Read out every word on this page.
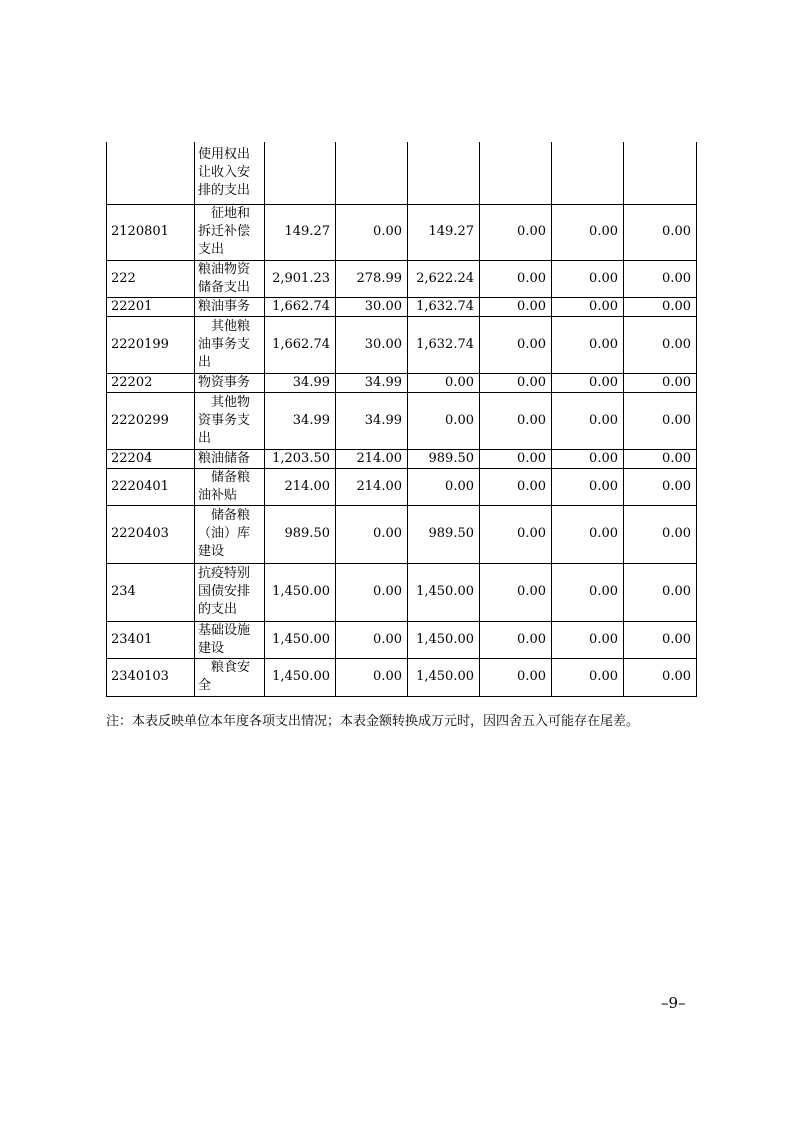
	使用权出让收入安排的支出						
2120801	征地和拆迁补偿支出	149.27	0.00	149.27	0.00	0.00	0.00
222	粮油物资储备支出	2,901.23	278.99	2,622.24	0.00	0.00	0.00
22201	粮油事务	1,662.74	30.00	1,632.74	0.00	0.00	0.00
2220199	其他粮油事务支出	1,662.74	30.00	1,632.74	0.00	0.00	0.00
22202	物资事务	34.99	34.99	0.00	0.00	0.00	0.00
2220299	其他物资事务支出	34.99	34.99	0.00	0.00	0.00	0.00
22204	粮油储备	1,203.50	214.00	989.50	0.00	0.00	0.00
2220401	储备粮油补贴	214.00	214.00	0.00	0.00	0.00	0.00
2220403	储备粮（油）库建设	989.50	0.00	989.50	0.00	0.00	0.00
234	抗疫特别国债安排的支出	1,450.00	0.00	1,450.00	0.00	0.00	0.00
23401	基础设施建设	1,450.00	0.00	1,450.00	0.00	0.00	0.00
2340103	粮食安全	1,450.00	0.00	1,450.00	0.00	0.00	0.00
注：本表反映单位本年度各项支出情况；本表金额转换成万元时，因四舍五入可能存在尾差。
–9–
